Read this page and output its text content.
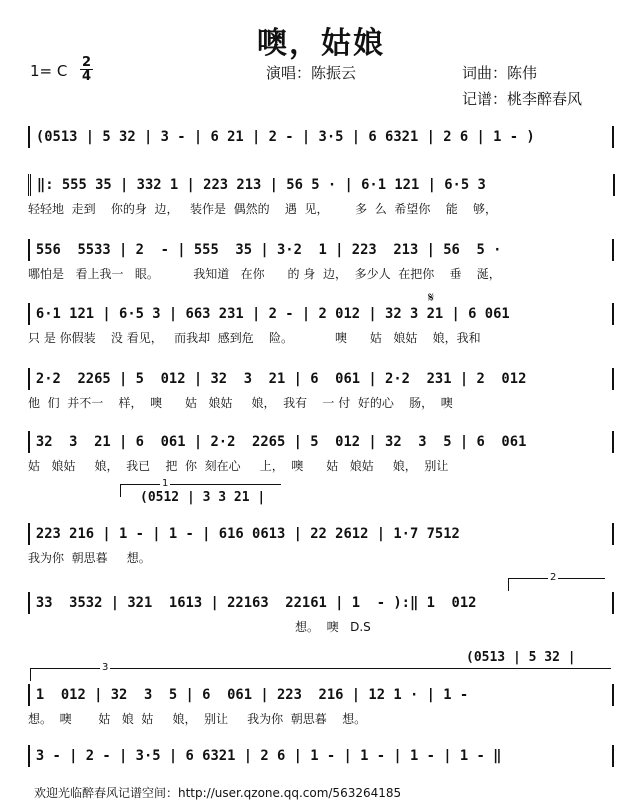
噢，姑娘
1= C 2
4	演唱：陈振云	词曲：陈伟
记谱：桃李醉春风
(0513 | 5 32 | 3 - | 6 21 | 2 - | 3·5 | 6 6321 | 2 6 | 1 - )
‖: 555 35 | 332 1 | 223 213 | 56 5 · | 6·1 121 | 6·5 3
轻轻地  走到    你的身  边，   装作是  偶然的    遇  见，       多  么  希望你    能    够，
556  5533 | 2  - | 555  35 | 3·2  1 | 223  213 | 56  5 ·
哪怕是   看上我一   眼。         我知道   在你      的 身  边，  多少人  在把你    垂    涎，
𝄋
6·1 121 | 6·5 3 | 663 231 | 2 - | 2 012 | 32 3 21 | 6 061
只 是 你假装    没 看见，   而我却  感到危    险。           噢      姑   娘姑    娘，我和
2·2  2265 | 5  012 | 32  3  21 | 6  061 | 2·2  231 | 2  012
他  们  并不一    样，  噢      姑   娘姑     娘，  我有    一 付  好的心    肠，  噢
32  3  21 | 6  061 | 2·2  2265 | 5  012 | 32  3  5 | 6  061
姑   娘姑     娘，  我已    把  你  刻在心     上，  噢      姑   娘姑     娘，  别让
1
(0512 | 3 3 21 |
223 216 | 1 - | 1 - | 616 0613 | 22 2612 | 1·7 7512
我为你  朝思暮     想。
2
33  3532 | 321  1613 | 22163  22161 | 1  - ):‖ 1  012
想。  噢   D.S
3
(0513 | 5 32 |
1  012 | 32  3  5 | 6  061 | 223  216 | 12 1 · | 1 -
想。  噢       姑   娘  姑     娘，  别让     我为你  朝思暮    想。
3 - | 2 - | 3·5 | 6 6321 | 2 6 | 1 - | 1 - | 1 - | 1 - ‖
欢迎光临醉春风记谱空间：http://user.qzone.qq.com/563264185
